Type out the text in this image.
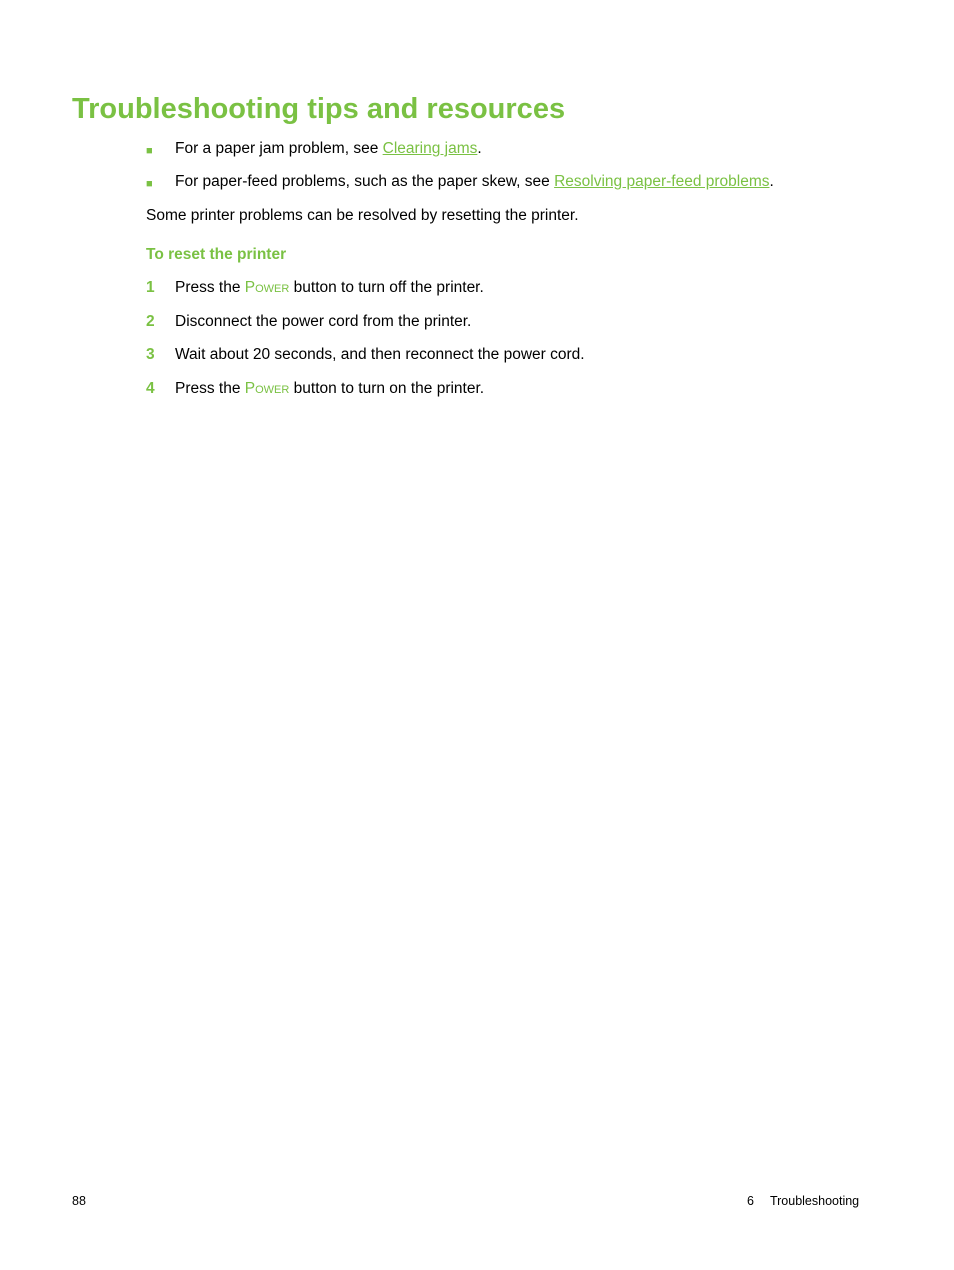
Troubleshooting tips and resources
■ For a paper jam problem, see Clearing jams.
■ For paper-feed problems, such as the paper skew, see Resolving paper-feed problems.

Some printer problems can be resolved by resetting the printer.

To reset the printer
1 Press the Power button to turn off the printer.
2 Disconnect the power cord from the printer.
3 Wait about 20 seconds, and then reconnect the power cord.
4 Press the Power button to turn on the printer.
88	6 Troubleshooting
